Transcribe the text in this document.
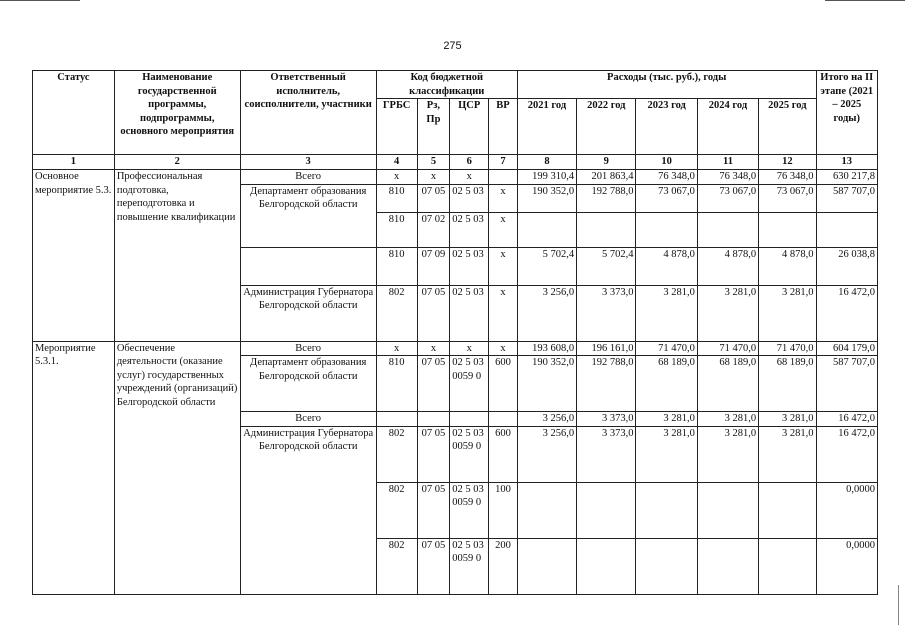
275
Статус	Наименование государственной программы, подпрограммы, основного мероприятия	Ответственный исполнитель, соисполнители, участники	Код бюджетной классификации				Расходы (тыс. руб.), годы					Итого на II этапе (2021 – 2025 годы)
			ГРБС	Рз, Пр	ЦСР	ВР	2021 год	2022 год	2023 год	2024 год	2025 год	
1	2	3	4	5	6	7	8	9	10	11	12	13
Основное мероприятие 5.3.	Профессиональная подготовка, переподготовка и повышение квалификации	Всего	х	х	х		199 310,4	201 863,4	76 348,0	76 348,0	76 348,0	630 217,8
		Департамент образования Белгородской области	810	07 05	02 5 03	х	190 352,0	192 788,0	73 067,0	73 067,0	73 067,0	587 707,0
			810	07 02	02 5 03	х						
			810	07 09	02 5 03	х	5 702,4	5 702,4	4 878,0	4 878,0	4 878,0	26 038,8
		Администрация Губернатора Белгородской области	802	07 05	02 5 03	х	3 256,0	3 373,0	3 281,0	3 281,0	3 281,0	16 472,0
Мероприятие 5.3.1.	Обеспечение деятельности (оказание услуг) государственных учреждений (организаций) Белгородской области	Всего	х	х	х	х	193 608,0	196 161,0	71 470,0	71 470,0	71 470,0	604 179,0
		Департамент образования Белгородской области	810	07 05	02 5 03 0059 0	600	190 352,0	192 788,0	68 189,0	68 189,0	68 189,0	587 707,0
		Всего					3 256,0	3 373,0	3 281,0	3 281,0	3 281,0	16 472,0
		Администрация Губернатора Белгородской области	802	07 05	02 5 03 0059 0	600	3 256,0	3 373,0	3 281,0	3 281,0	3 281,0	16 472,0
			802	07 05	02 5 03 0059 0	100						0,0000
			802	07 05	02 5 03 0059 0	200						0,0000
